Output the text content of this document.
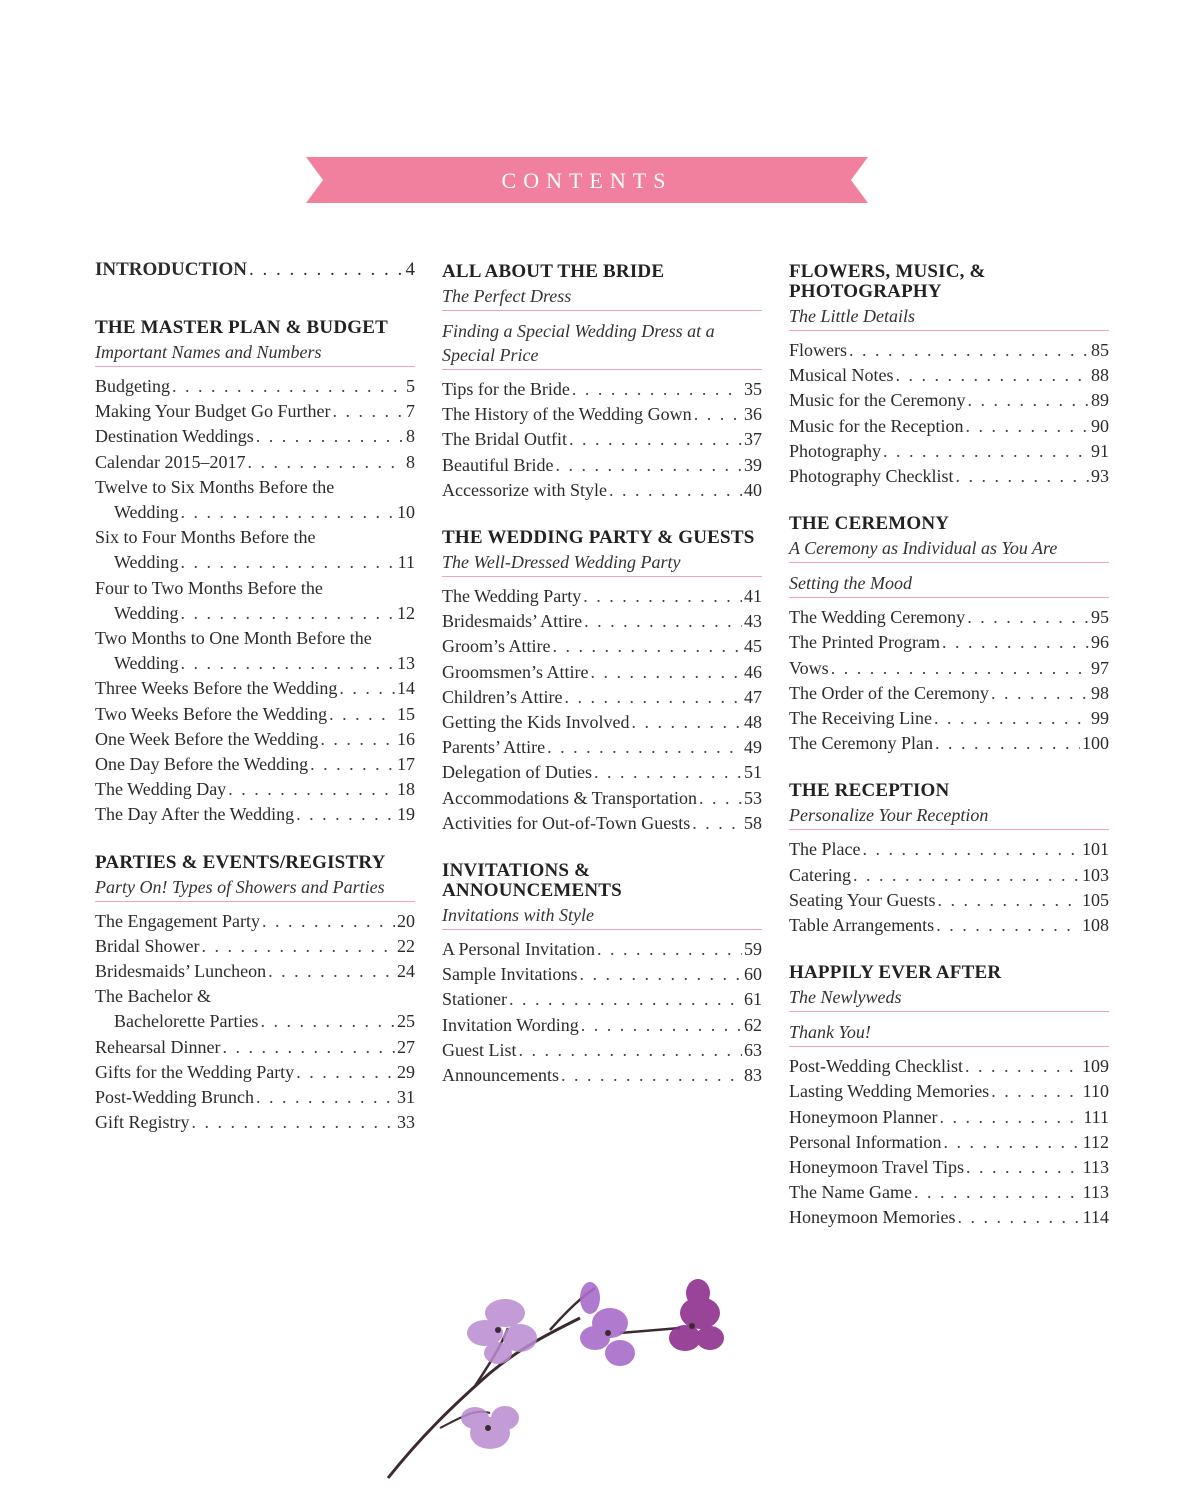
CONTENTS
INTRODUCTION . . .	4
THE MASTER PLAN & BUDGET
Important Names and Numbers
Budgeting . . .	5
Making Your Budget Go Further . . .	7
Destination Weddings . . .	8
Calendar 2015–2017 . . .	8
Twelve to Six Months Before the
Wedding . . .	10
Six to Four Months Before the
Wedding . . .	11
Four to Two Months Before the
Wedding . . .	12
Two Months to One Month Before the
Wedding . . .	13
Three Weeks Before the Wedding . . .	14
Two Weeks Before the Wedding . . .	15
One Week Before the Wedding . . .	16
One Day Before the Wedding . . .	17
The Wedding Day . . .	18
The Day After the Wedding . . .	19
PARTIES & EVENTS/REGISTRY
Party On! Types of Showers and Parties
The Engagement Party . . .	20
Bridal Shower . . .	22
Bridesmaids’ Luncheon . . .	24
The Bachelor &
Bachelorette Parties . . .	25
Rehearsal Dinner . . .	27
Gifts for the Wedding Party . . .	29
Post-Wedding Brunch . . .	31
Gift Registry . . .	33
ALL ABOUT THE BRIDE
The Perfect Dress
Finding a Special Wedding Dress at a Special Price
Tips for the Bride . . .	35
The History of the Wedding Gown . . .	36
The Bridal Outfit . . .	37
Beautiful Bride . . .	39
Accessorize with Style . . .	40
THE WEDDING PARTY & GUESTS
The Well-Dressed Wedding Party
The Wedding Party . . .	41
Bridesmaids’ Attire . . .	43
Groom’s Attire . . .	45
Groomsmen’s Attire . . .	46
Children’s Attire . . .	47
Getting the Kids Involved . . .	48
Parents’ Attire . . .	49
Delegation of Duties . . .	51
Accommodations & Transportation . . .	53
Activities for Out-of-Town Guests . . .	58
INVITATIONS & ANNOUNCEMENTS
Invitations with Style
A Personal Invitation . . .	59
Sample Invitations . . .	60
Stationer . . .	61
Invitation Wording . . .	62
Guest List . . .	63
Announcements . . .	83
FLOWERS, MUSIC, & PHOTOGRAPHY
The Little Details
Flowers . . .	85
Musical Notes . . .	88
Music for the Ceremony . . .	89
Music for the Reception . . .	90
Photography . . .	91
Photography Checklist . . .	93
THE CEREMONY
A Ceremony as Individual as You Are
Setting the Mood
The Wedding Ceremony . . .	95
The Printed Program . . .	96
Vows . . .	97
The Order of the Ceremony . . .	98
The Receiving Line . . .	99
The Ceremony Plan . . .	100
THE RECEPTION
Personalize Your Reception
The Place . . .	101
Catering . . .	103
Seating Your Guests . . .	105
Table Arrangements . . .	108
HAPPILY EVER AFTER
The Newlyweds
Thank You!
Post-Wedding Checklist . . .	109
Lasting Wedding Memories . . .	110
Honeymoon Planner . . .	111
Personal Information . . .	112
Honeymoon Travel Tips . . .	113
The Name Game . . .	113
Honeymoon Memories . . .	114
